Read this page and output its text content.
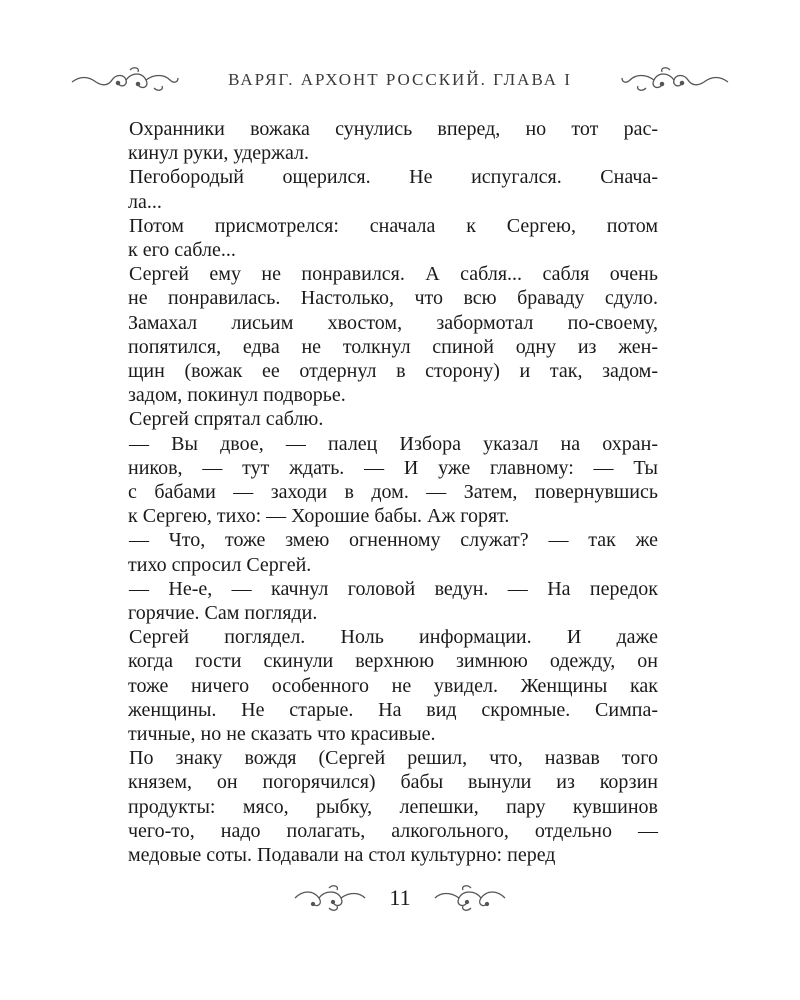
ВАРЯГ. АРХОНТ РОССКИЙ. ГЛАВА I

Охранники вожака сунулись вперед, но тот рас-
кинул руки, удержал.

Пегобородый ощерился. Не испугался. Снача-
ла...

Потом присмотрелся: сначала к Сергею, потом
к его сабле...

Сергей ему не понравился. А сабля... сабля очень
не понравилась. Настолько, что всю браваду сдуло.
Замахал лисьим хвостом, забормотал по-своему,
попятился, едва не толкнул спиной одну из жен-
щин (вожак ее отдернул в сторону) и так, задом-
задом, покинул подворье.

Сергей спрятал саблю.

— Вы двое, — палец Избора указал на охран-
ников, — тут ждать. — И уже главному: — Ты
с бабами — заходи в дом. — Затем, повернувшись
к Сергею, тихо: — Хорошие бабы. Аж горят.

— Что, тоже змею огненному служат? — так же
тихо спросил Сергей.

— Не-е, — качнул головой ведун. — На передок
горячие. Сам погляди.

Сергей поглядел. Ноль информации. И даже
когда гости скинули верхнюю зимнюю одежду, он
тоже ничего особенного не увидел. Женщины как
женщины. Не старые. На вид скромные. Симпа-
тичные, но не сказать что красивые.

По знаку вождя (Сергей решил, что, назвав того
князем, он погорячился) бабы вынули из корзин
продукты: мясо, рыбку, лепешки, пару кувшинов
чего-то, надо полагать, алкогольного, отдельно —
медовые соты. Подавали на стол культурно: перед

11
